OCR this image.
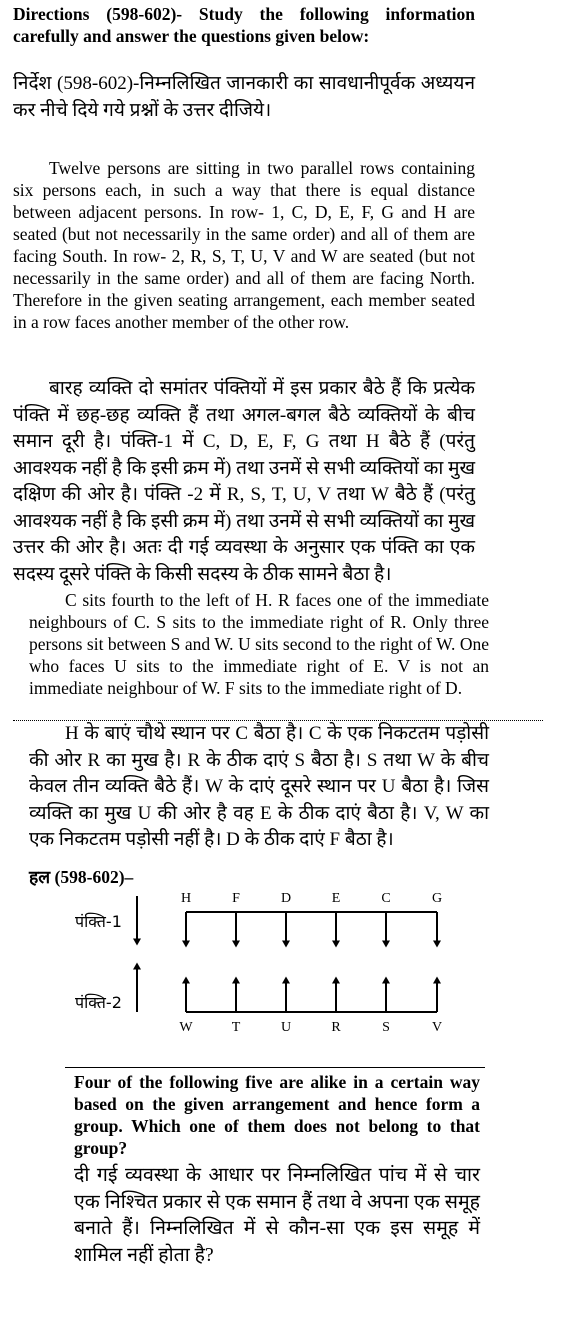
Directions (598-602)- Study the following information carefully and answer the questions given below:
निर्देश (598-602)-निम्नलिखित जानकारी का सावधानीपूर्वक अध्ययन कर नीचे दिये गये प्रश्नों के उत्तर दीजिये।
Twelve persons are sitting in two parallel rows containing six persons each, in such a way that there is equal distance between adjacent persons. In row- 1, C, D, E, F, G and H are seated (but not necessarily in the same order) and all of them are facing South. In row- 2, R, S, T, U, V and W are seated (but not necessarily in the same order) and all of them are facing North. Therefore in the given seating arrangement, each member seated in a row faces another member of the other row.
बारह व्यक्ति दो समांतर पंक्तियों में इस प्रकार बैठे हैं कि प्रत्येक पंक्ति में छह-छह व्यक्ति हैं तथा अगल-बगल बैठे व्यक्तियों के बीच समान दूरी है। पंक्ति-1 में C, D, E, F, G तथा H बैठे हैं (परंतु आवश्यक नहीं है कि इसी क्रम में) तथा उनमें से सभी व्यक्तियों का मुख दक्षिण की ओर है। पंक्ति -2 में R, S, T, U, V तथा W बैठे हैं (परंतु आवश्यक नहीं है कि इसी क्रम में) तथा उनमें से सभी व्यक्तियों का मुख उत्तर की ओर है। अतः दी गई व्यवस्था के अनुसार एक पंक्ति का एक सदस्य दूसरे पंक्ति के किसी सदस्य के ठीक सामने बैठा है।
C sits fourth to the left of H. R faces one of the immediate neighbours of C. S sits to the immediate right of R. Only three persons sit between S and W. U sits second to the right of W. One who faces U sits to the immediate right of E. V is not an immediate neighbour of W. F sits to the immediate right of D.
H के बाएं चौथे स्थान पर C बैठा है। C के एक निकटतम पड़ोसी की ओर R का मुख है। R के ठीक दाएं S बैठा है। S तथा W के बीच केवल तीन व्यक्ति बैठे हैं। W के दाएं दूसरे स्थान पर U बैठा है। जिस व्यक्ति का मुख U की ओर है वह E के ठीक दाएं बैठा है। V, W का एक निकटतम पड़ोसी नहीं है। D के ठीक दाएं F बैठा है।
हल (598-602)–
पंक्ति-1
पंक्ति-2
H	F	D	E	C	G
W	T	U	R	S	V
Four of the following five are alike in a certain way based on the given arrangement and hence form a group. Which one of them does not belong to that group?
दी गई व्यवस्था के आधार पर निम्नलिखित पांच में से चार एक निश्चित प्रकार से एक समान हैं तथा वे अपना एक समूह बनाते हैं। निम्नलिखित में से कौन-सा एक इस समूह में शामिल नहीं होता है?
